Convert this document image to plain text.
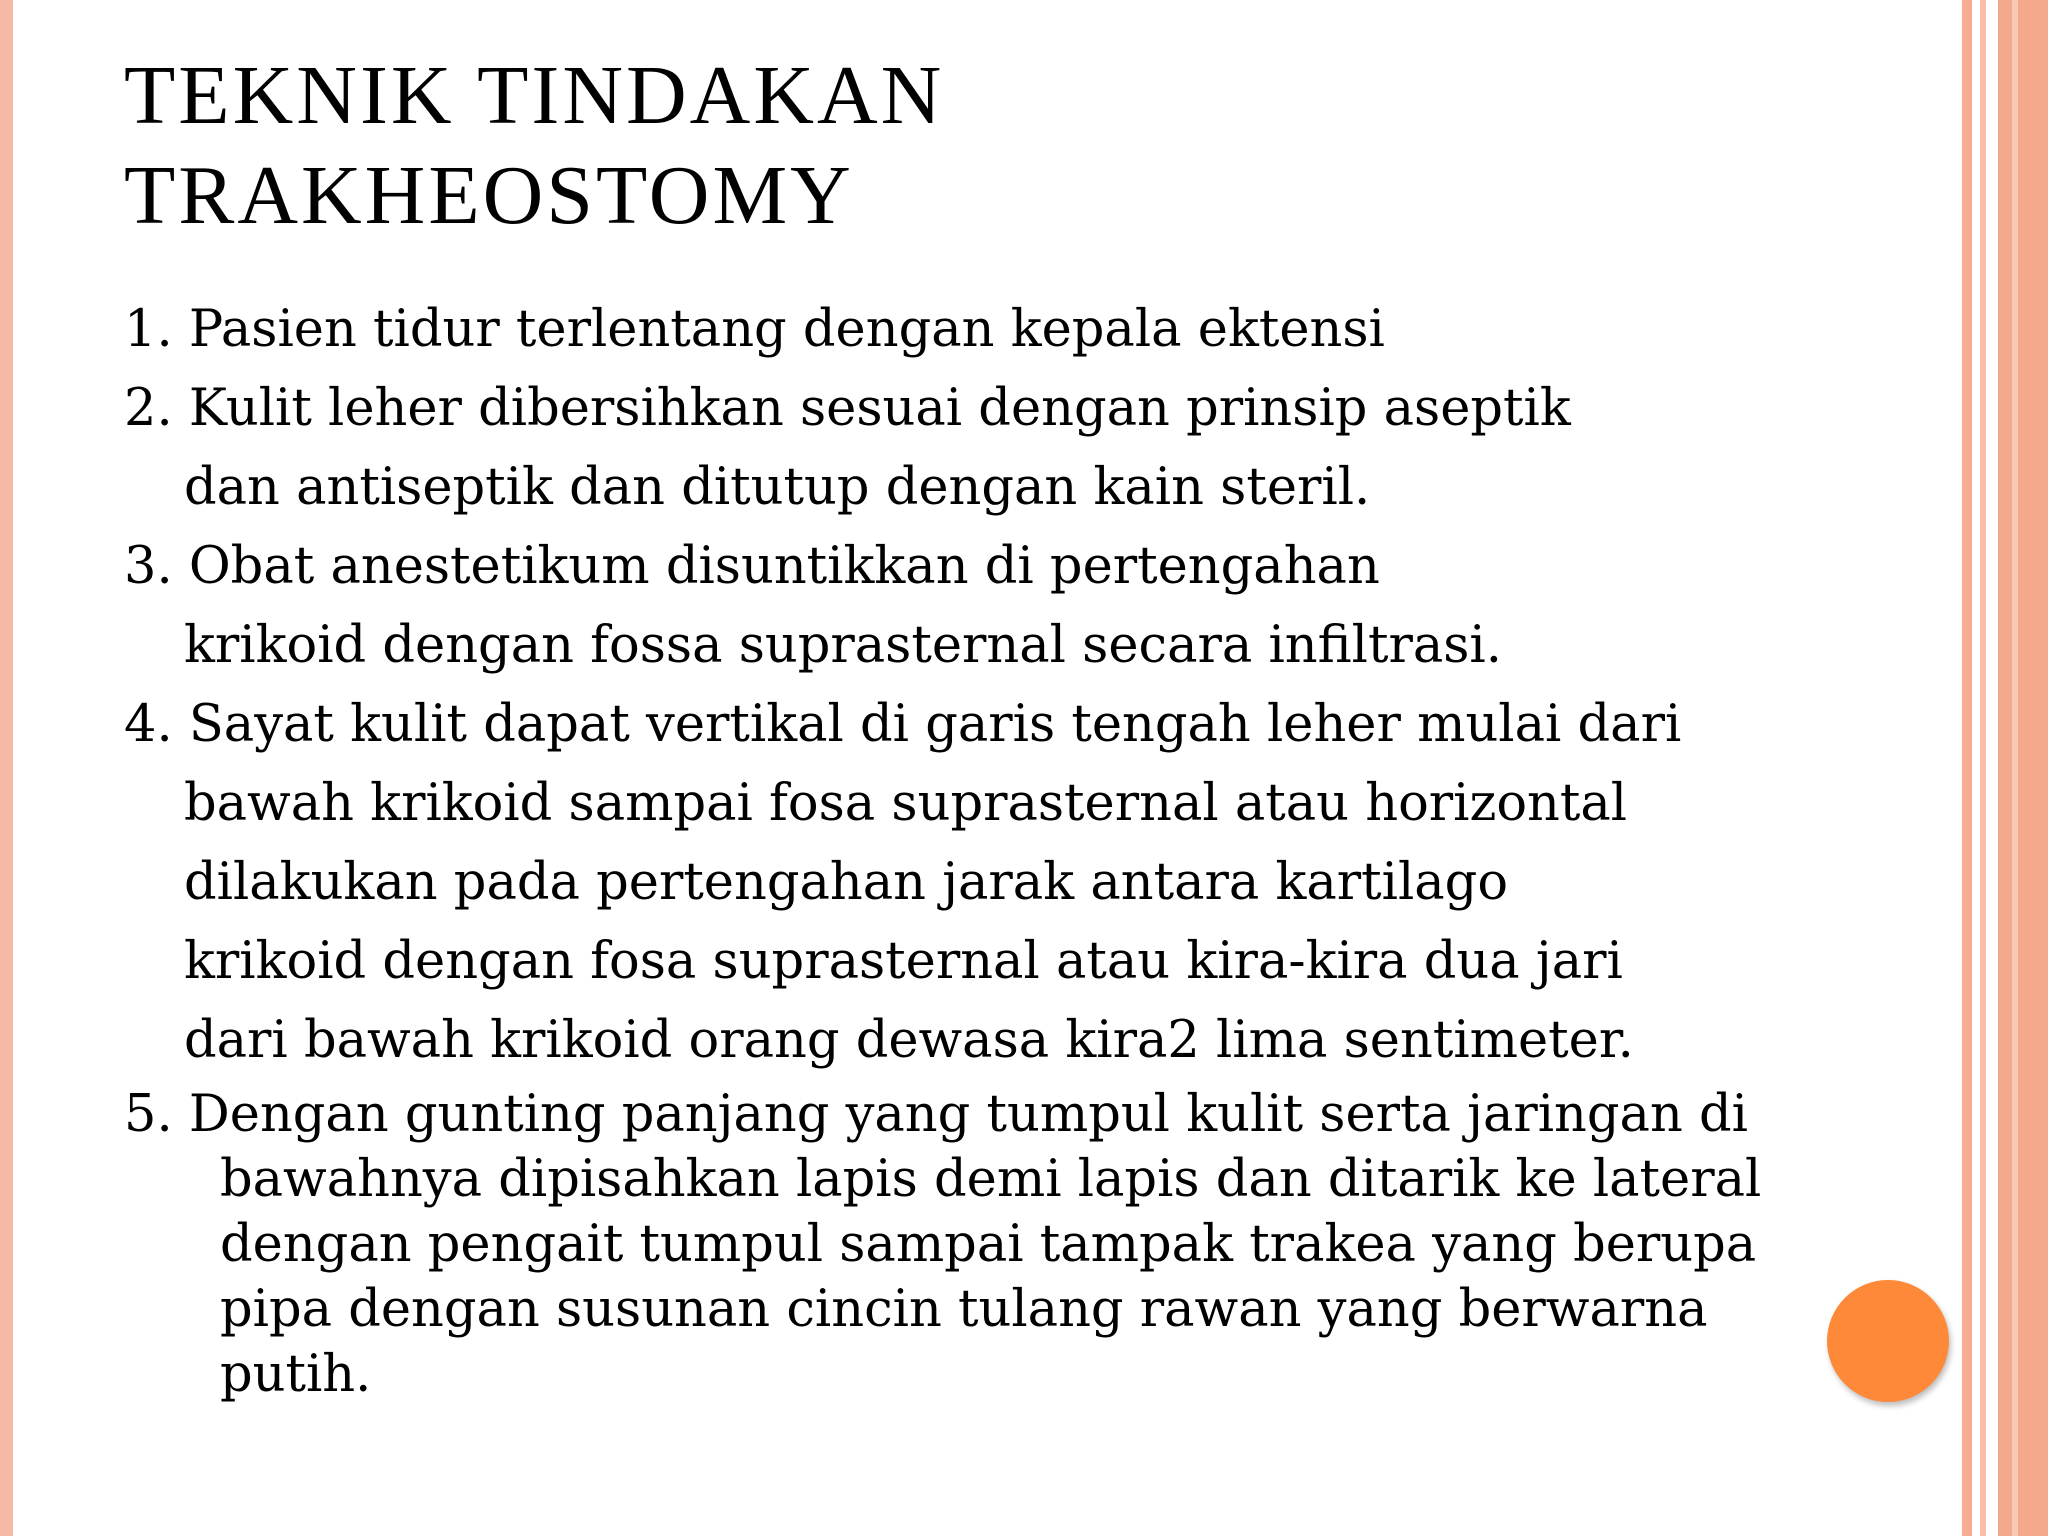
TEKNIK TINDAKAN
TRAKHEOSTOMY
1. Pasien tidur terlentang dengan kepala ektensi
2. Kulit leher dibersihkan sesuai dengan prinsip aseptik
dan antiseptik dan ditutup dengan kain steril.
3. Obat anestetikum disuntikkan di pertengahan
krikoid dengan fossa suprasternal secara infiltrasi.
4. Sayat kulit dapat vertikal di garis tengah leher mulai dari
bawah krikoid sampai fosa suprasternal atau horizontal
dilakukan pada pertengahan jarak antara kartilago
krikoid dengan fosa suprasternal atau kira-kira dua jari
dari bawah krikoid orang dewasa kira2 lima sentimeter.
5. Dengan gunting panjang yang tumpul kulit serta jaringan di
bawahnya dipisahkan lapis demi lapis dan ditarik ke lateral
dengan pengait tumpul sampai tampak trakea yang berupa
pipa dengan susunan cincin tulang rawan yang berwarna
putih.
